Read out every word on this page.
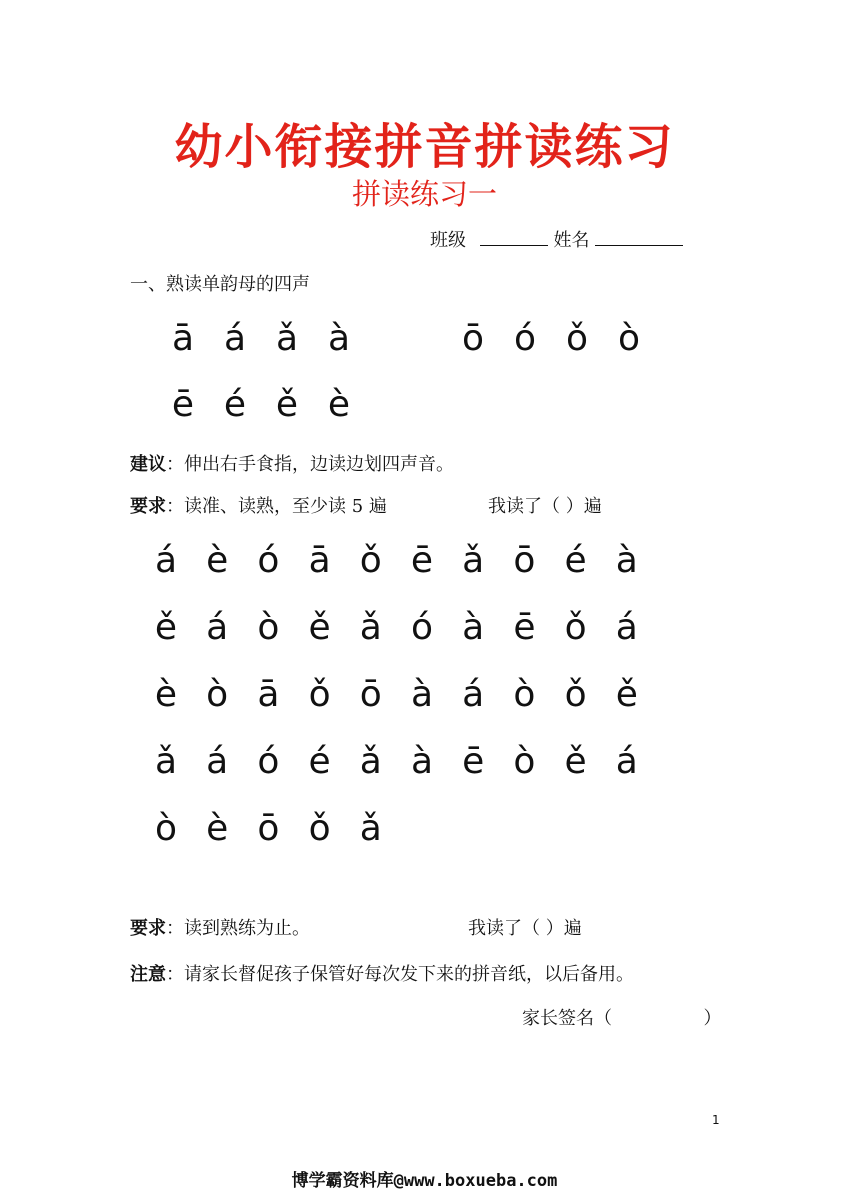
幼小衔接拼音拼读练习
拼读练习一
班级	姓名
一、熟读单韵母的四声
ā á ǎ à	ō ó ǒ ò
ē é ě è
建议：伸出右手食指，边读边划四声音。
要求：读准、读熟，至少读 5 遍	我读了（ ）遍
á è ó ā ǒ ē ǎ ō é à
ě á ò ě ǎ ó à ē ǒ á
è ò ā ǒ ō à á ò ǒ ě
ǎ á ó é ǎ à ē ò ě á
ò è ō ǒ ǎ
要求：读到熟练为止。	我读了（ ）遍
注意：请家长督促孩子保管好每次发下来的拼音纸，以后备用。
家长签名（                ）
1
博学霸资料库@www.boxueba.com
